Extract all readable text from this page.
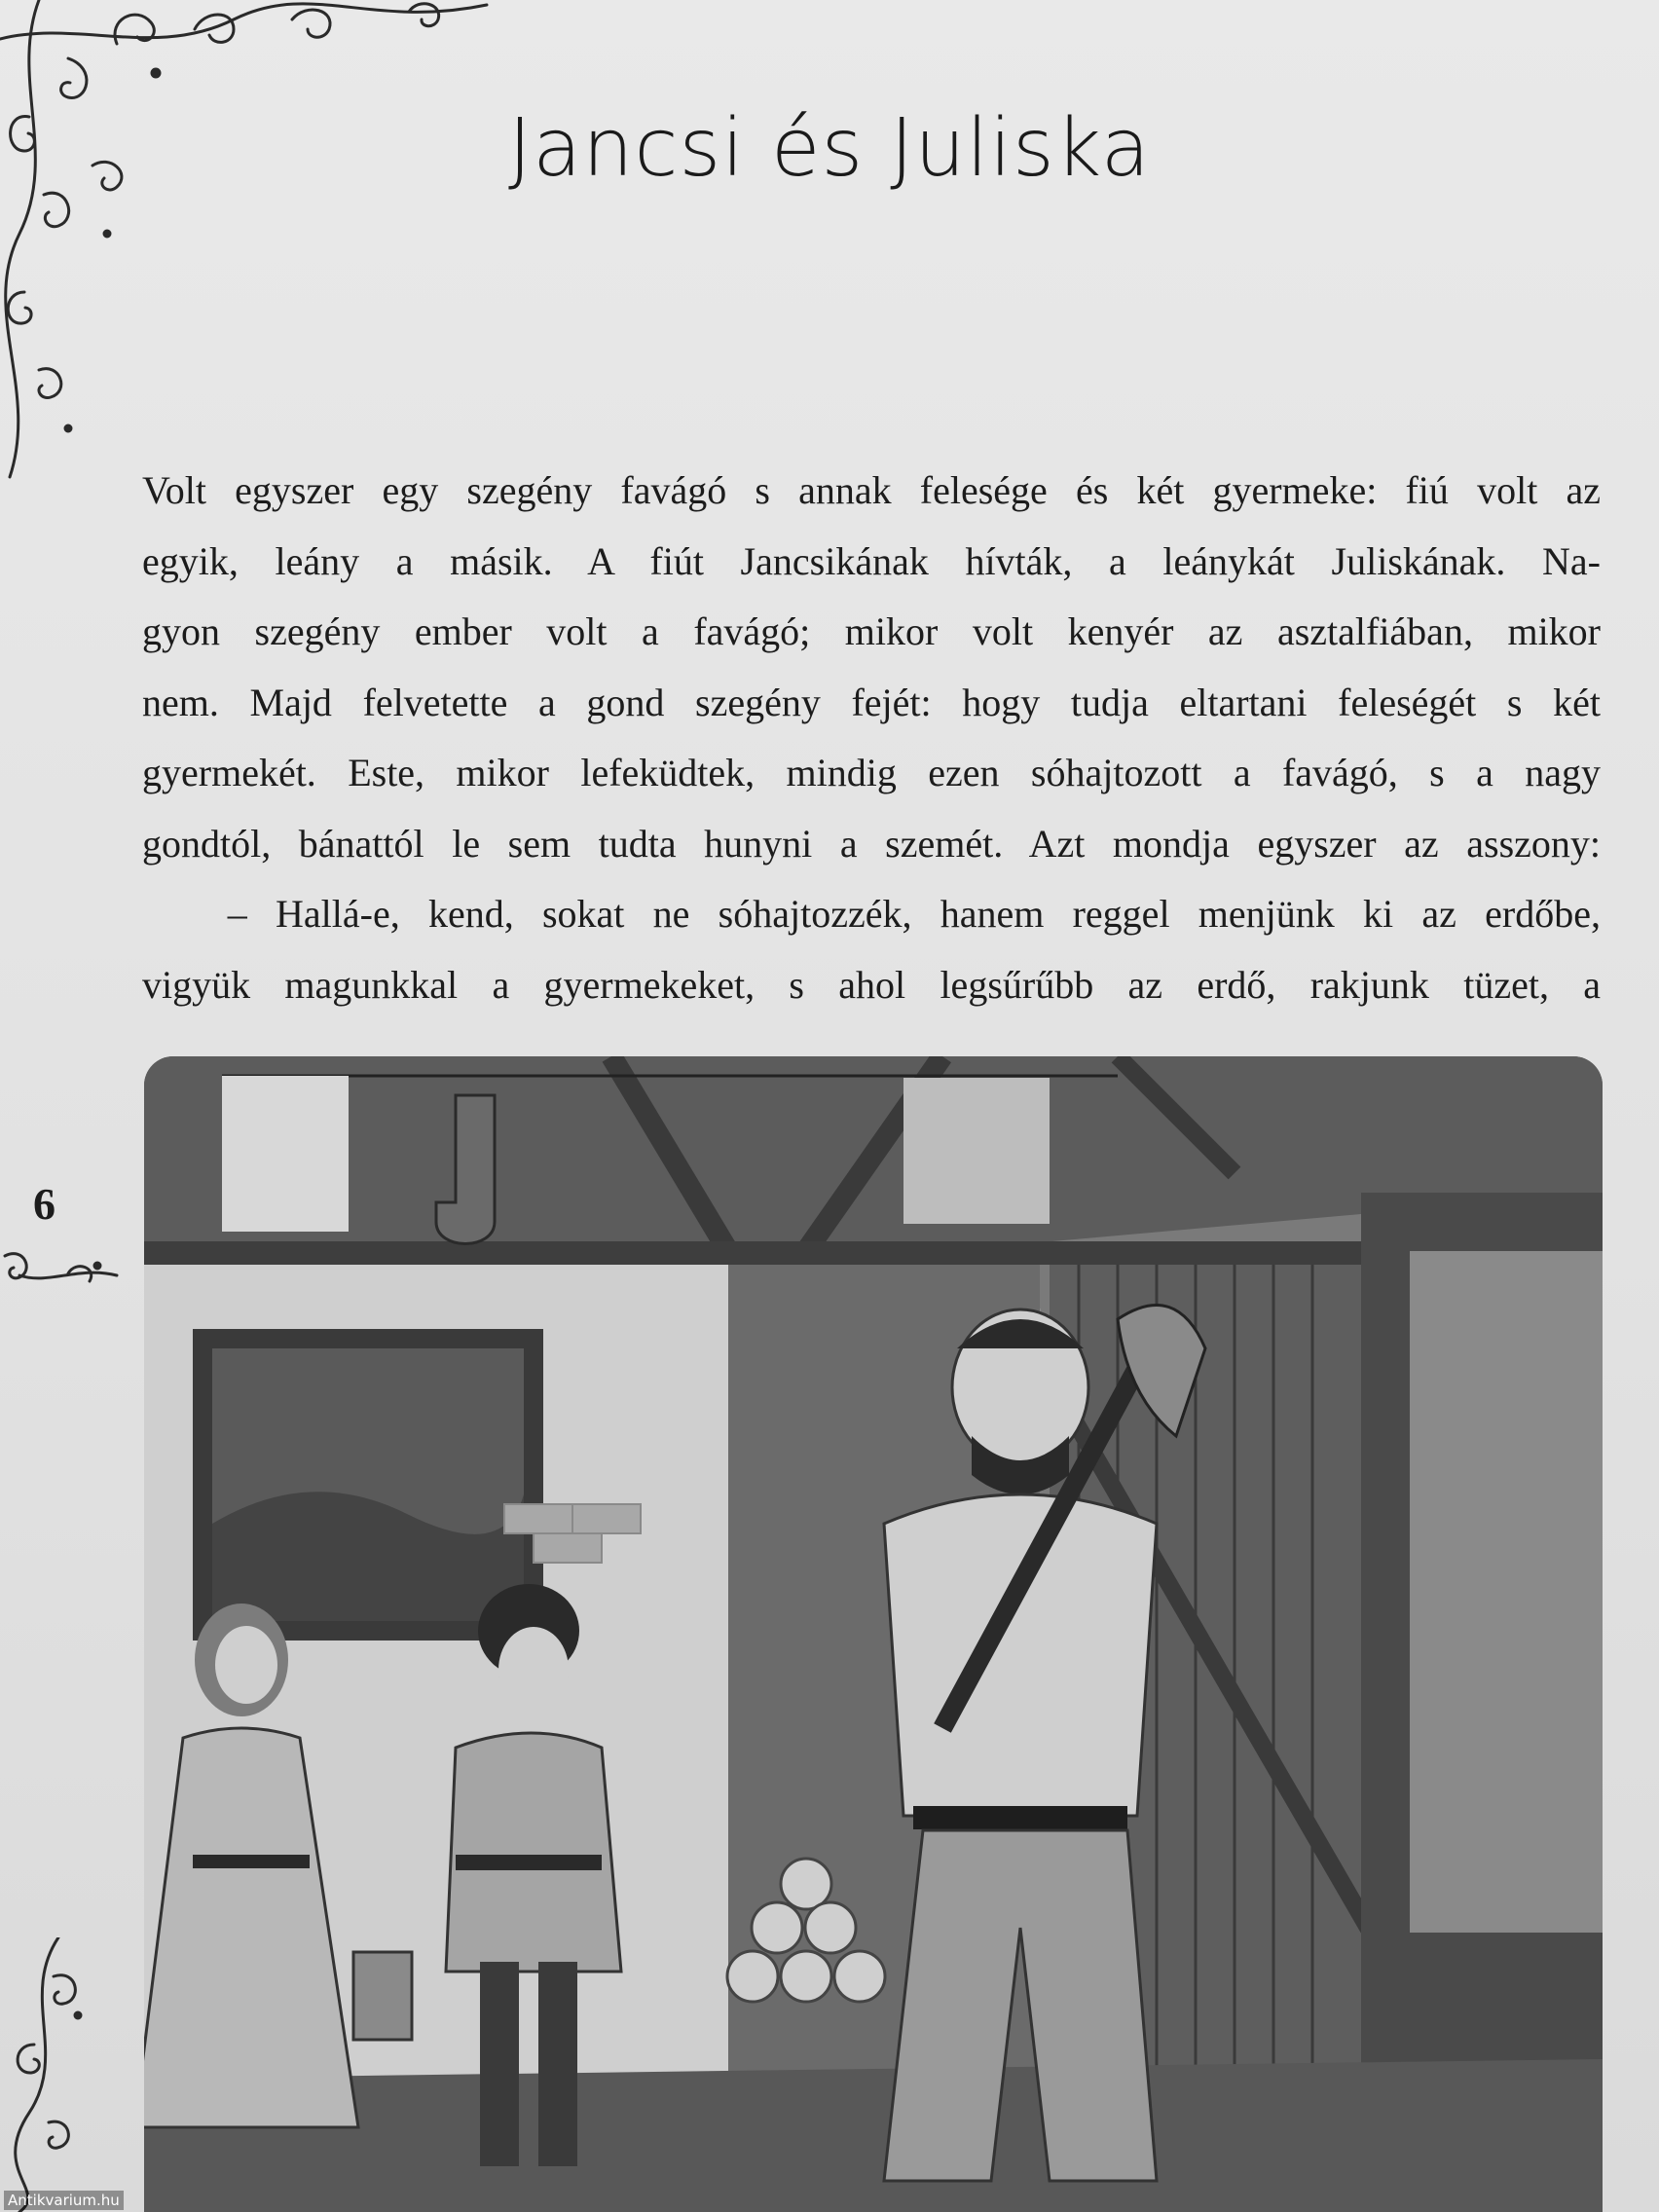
Jancsi és Juliska
Volt egyszer egy szegény favágó s annak felesége és két gyermeke: fiú volt az
egyik, leány a másik. A fiút Jancsikának hívták, a leánykát Juliskának. Na-
gyon szegény ember volt a favágó; mikor volt kenyér az asztalfiában, mikor
nem. Majd felvetette a gond szegény fejét: hogy tudja eltartani feleségét s két
gyermekét. Este, mikor lefeküdtek, mindig ezen sóhajtozott a favágó, s a nagy
gondtól, bánattól le sem tudta hunyni a szemét. Azt mondja egyszer az asszony:
– Hallá-e, kend, sokat ne sóhajtozzék, hanem reggel menjünk ki az erdőbe,
vigyük magunkkal a gyermekeket, s ahol legsűrűbb az erdő, rakjunk tüzet, a
6
Antikvarium.hu
